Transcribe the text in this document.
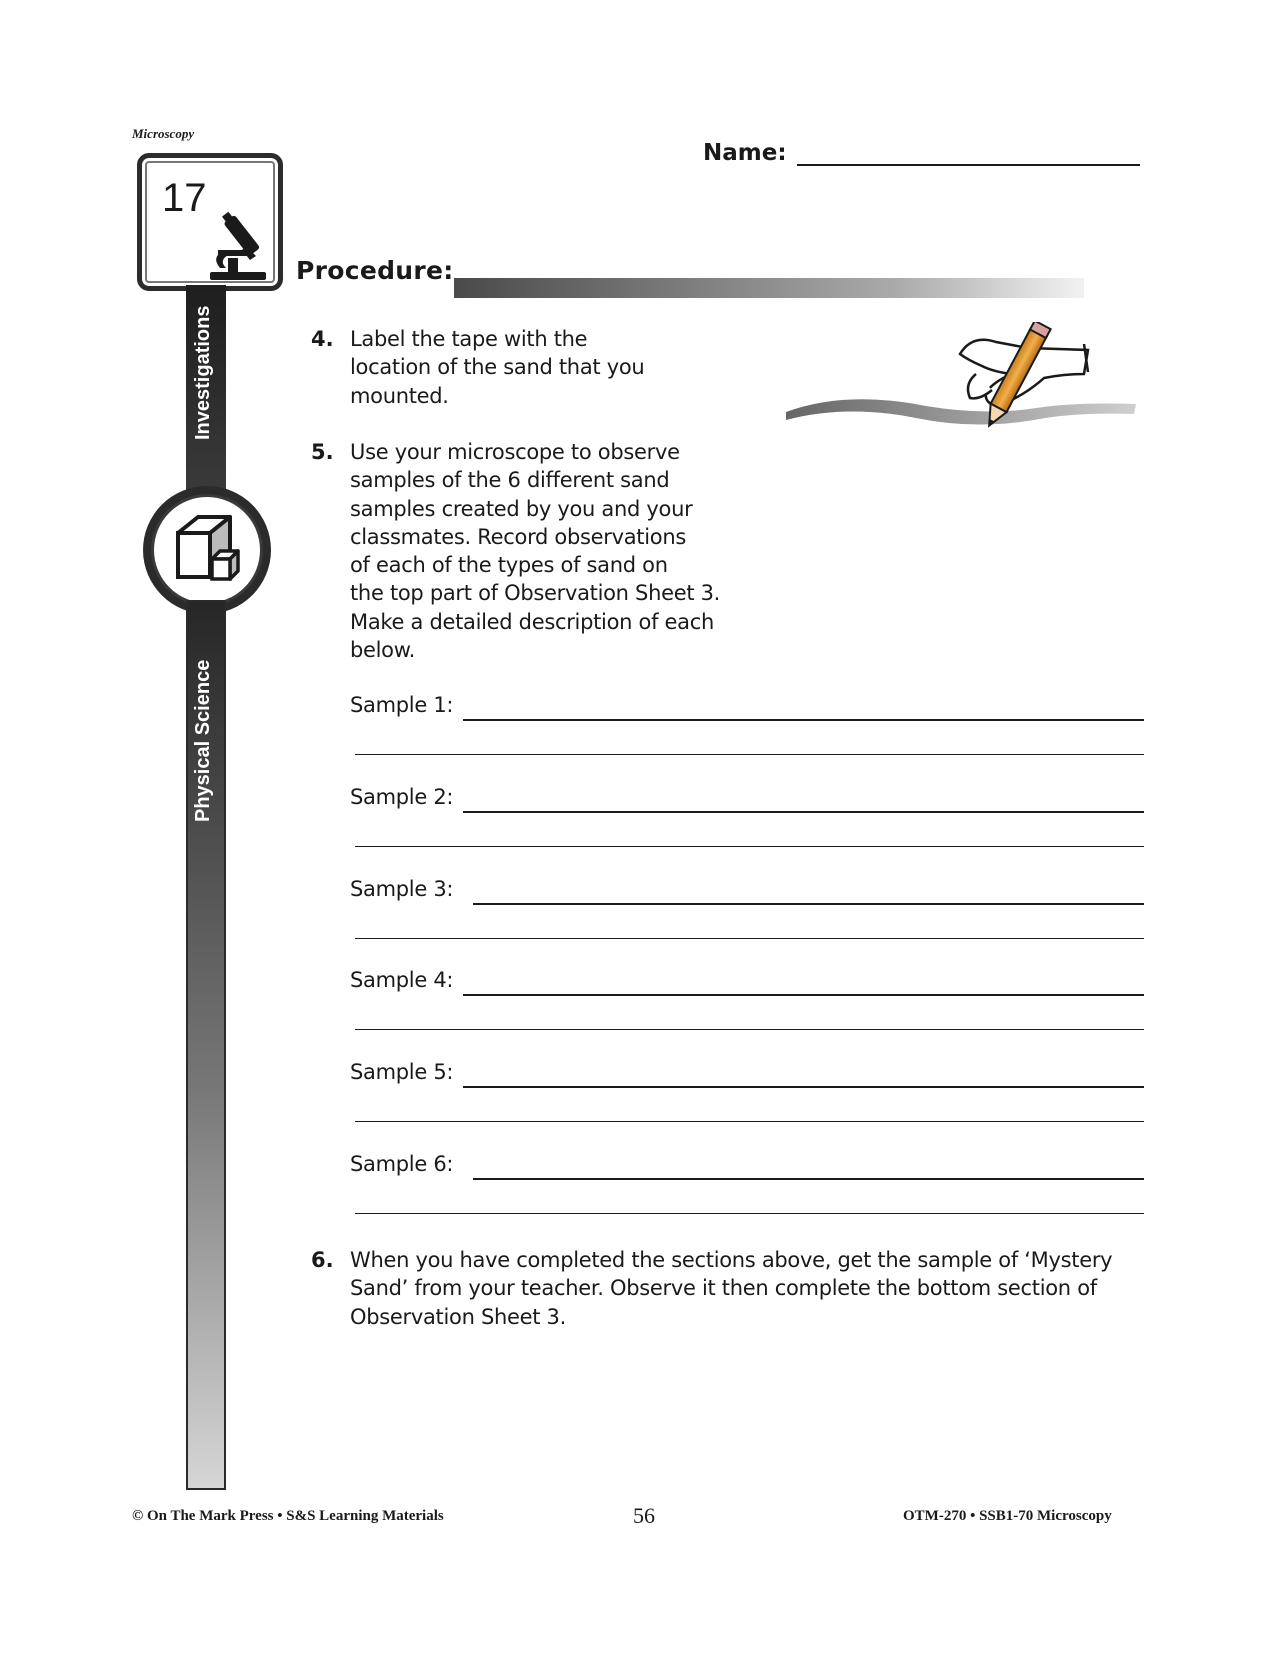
Microscopy
Name:
17
Investigations
Physical Science
Procedure:
4. Label the tape with the
location of the sand that you
mounted.
5. Use your microscope to observe
samples of the 6 different sand
samples created by you and your
classmates. Record observations
of each of the types of sand on
the top part of Observation Sheet 3.
Make a detailed description of each
below.
Sample 1:
Sample 2:
Sample 3:
Sample 4:
Sample 5:
Sample 6:
6. When you have completed the sections above, get the sample of ‘Mystery
Sand’ from your teacher. Observe it then complete the bottom section of
Observation Sheet 3.
© On The Mark Press • S&S Learning Materials	56	OTM-270 • SSB1-70 Microscopy
